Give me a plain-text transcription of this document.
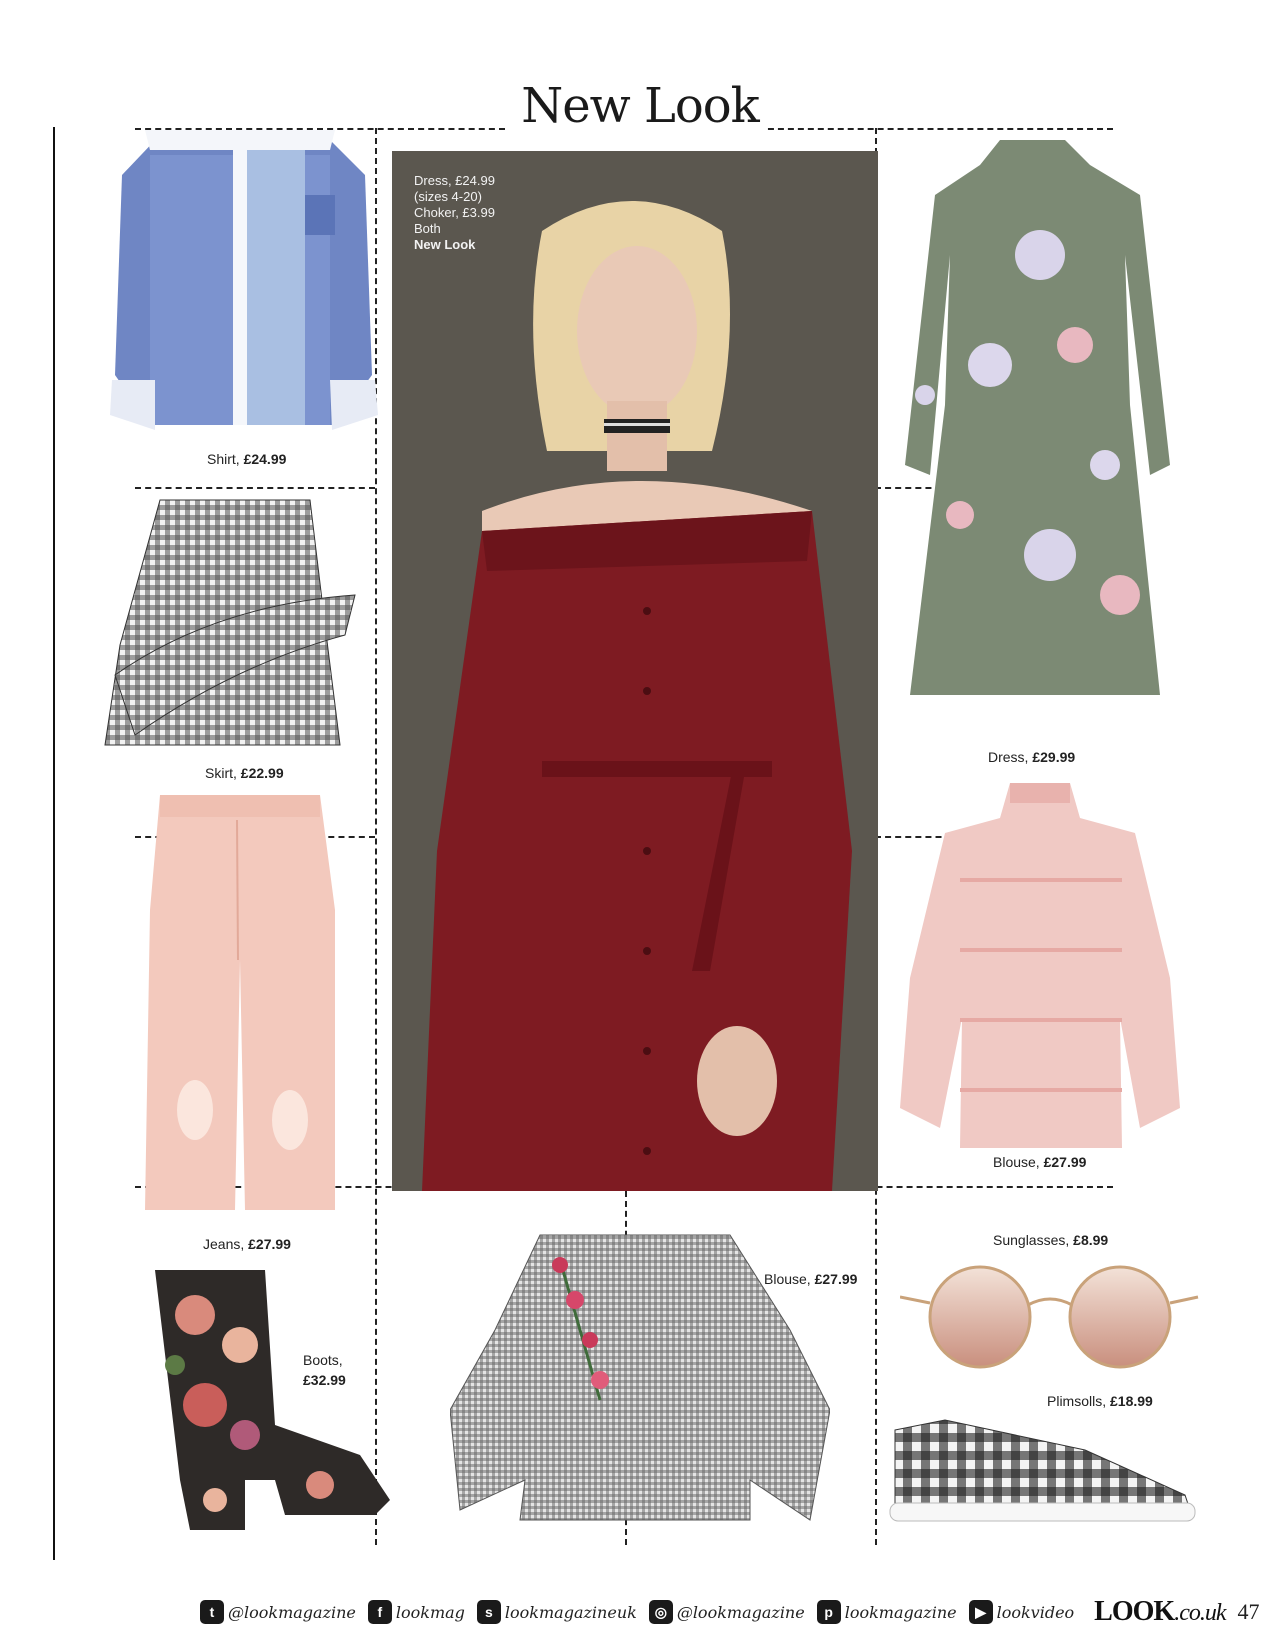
New Look
Shirt, £24.99
Skirt, £22.99
Jeans, £27.99
Boots,
£32.99
Dress, £24.99
(sizes 4-20)
Choker, £3.99
Both
New Look
Blouse, £27.99
Dress, £29.99
Blouse, £27.99
Sunglasses, £8.99
Plimsolls, £18.99
t @lookmagazine	f lookmag	s lookmagazineuk	◎ @lookmagazine	p lookmagazine	▶ lookvideo LOOK.co.uk 47
